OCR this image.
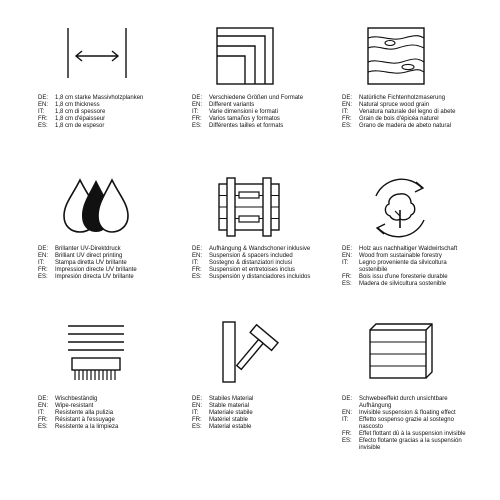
DE:	1,8 cm starke Massivholzplanken
EN:	1,8 cm thickness
IT:	1,8 cm di spessore
FR:	1,8 cm d'épaisseur
ES:	1,8 cm de espesor
DE:	Verschiedene Größen und Formate
EN:	Different variants
IT:	Varie dimensioni e formati
FR:	Varios tamaños y formatos
ES:	Différentes tailles et formats
DE:	Natürliche Fichtenholzmaserung
EN:	Natural spruce wood grain
IT:	Venatura naturale del legno di abete
FR:	Grain de bois d'épicéa naturel
ES:	Grano de madera de abeto natural
DE:	Brillanter UV-Direktdruck
EN:	Brilliant UV direct printing
IT:	Stampa diretta UV brillante
FR:	Impression directe UV brillante
ES:	Impresión directa UV brillante
DE:	Aufhängung & Wandschoner inklusive
EN:	Suspension & spacers included
IT:	Sostegno & distanziatori inclusi
FR:	Suspension et entretoises inclus
ES:	Suspensión y distanciadores incluidos
DE:	Holz aus nachhaltiger Waldwirtschaft
EN:	Wood from sustainable forestry
IT:	Legno proveniente da silvicoltura sostenibile
FR:	Bois issu d'une foresterie durable
ES:	Madera de silvicultura sostenible
DE:	Wischbeständig
EN:	Wipe-resistant
IT:	Resistente alla pulizia
FR:	Résistant à l'essuyage
ES:	Resistente a la limpieza
DE:	Stabiles Material
EN:	Stable material
IT:	Materiale stabile
FR:	Matériel stable
ES:	Material estable
DE:	Schwebeeffekt durch unsichtbare Aufhängung
EN:	Invisible suspension & floating effect
IT:	Effetto sospenso grazie al sostegno nascosto
FR:	Effet flottant dû à la suspension invisible
ES:	Efecto flotante gracias a la suspensión invisible
